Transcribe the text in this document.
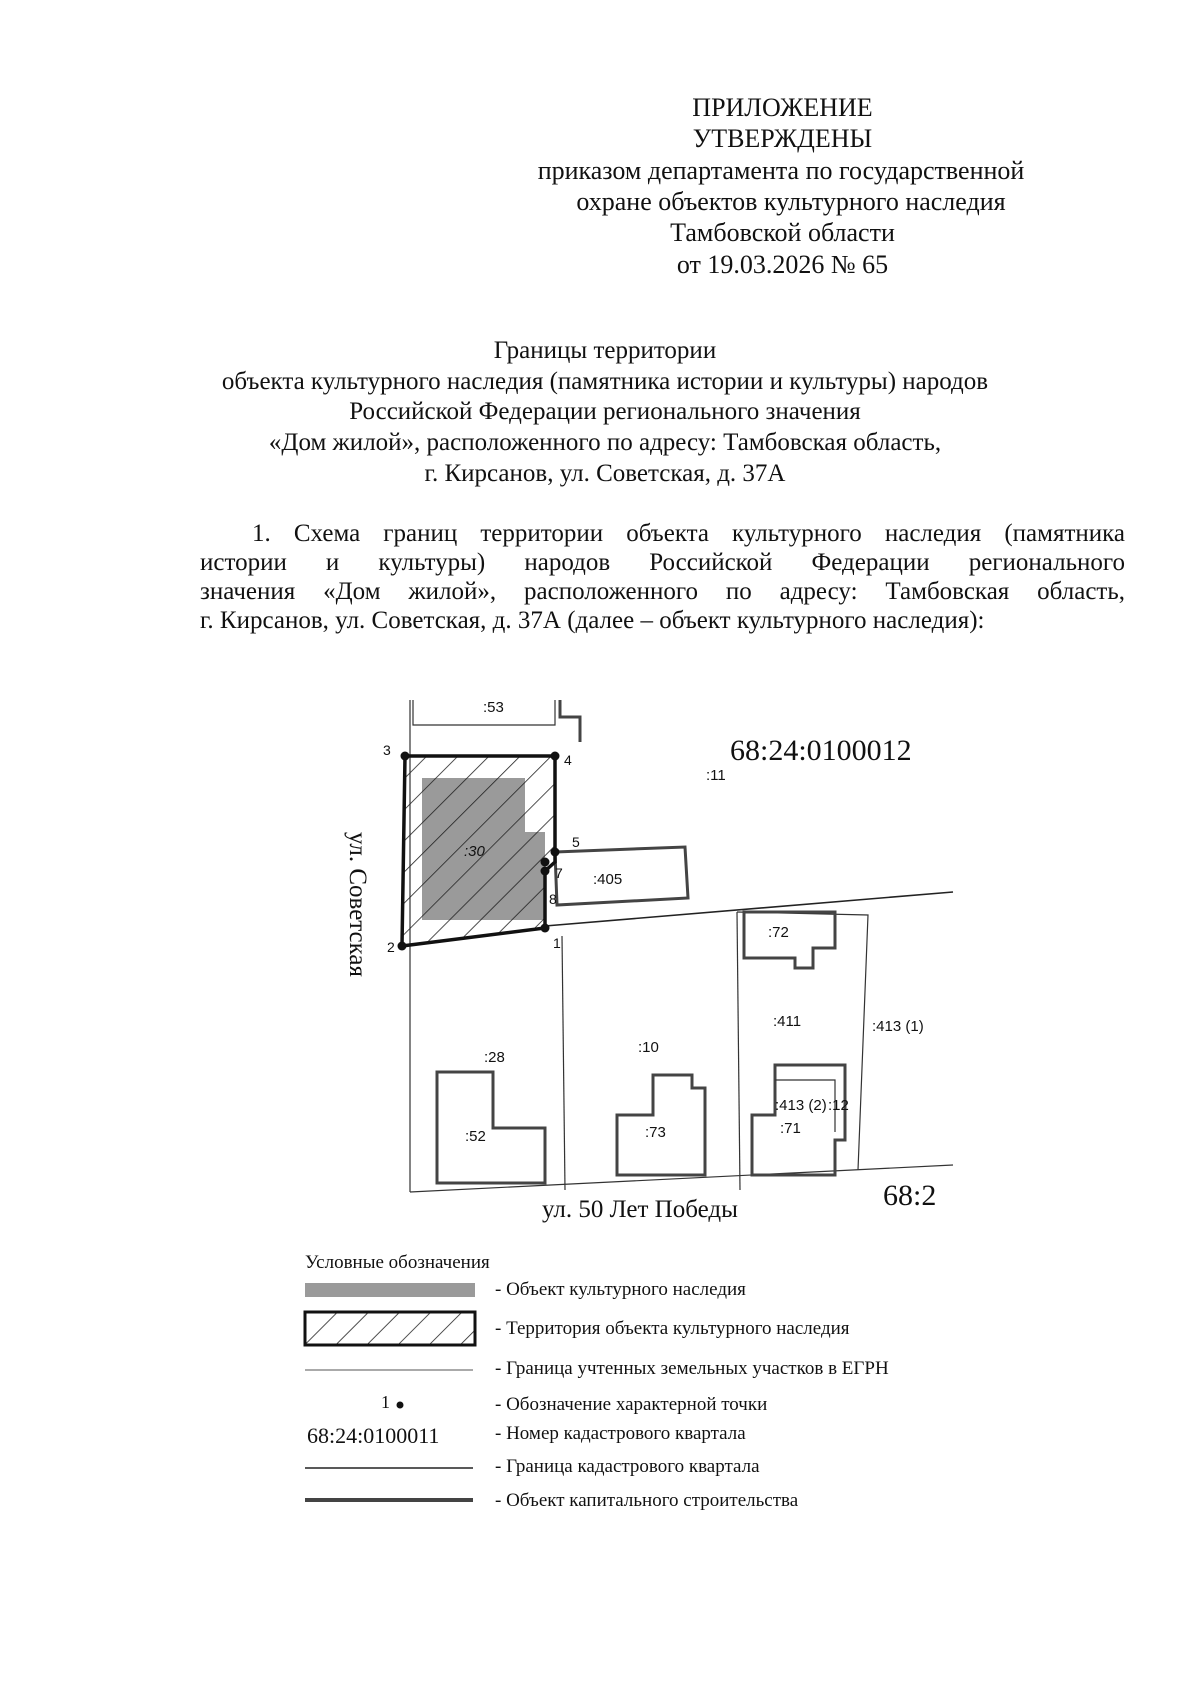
ПРИЛОЖЕНИЕ
УТВЕРЖДЕНЫ
приказом департамента по государственной
охране объектов культурного наследия
Тамбовской области
от 19.03.2026 № 65
Границы территории
объекта культурного наследия (памятника истории и культуры) народов
Российской Федерации регионального значения
«Дом жилой», расположенного по адресу: Тамбовская область,
г. Кирсанов, ул. Советская, д. 37А
1. Схема границ территории объекта культурного наследия (памятника
истории и культуры) народов Российской Федерации регионального
значения «Дом жилой», расположенного по адресу: Тамбовская область,
г. Кирсанов, ул. Советская, д. 37А (далее – объект культурного наследия):
3
4
5
7
8
1
2
:53
:11
:30
:405
:72
:411	:413 (1)
:28
:10
:413 (2) :12
:71
:52	:73
68:24:0100012
68:2
ул. Советская
ул. 50 Лет Победы
1
68:24:0100011
Условные обозначения
- Объект культурного наследия
- Территория объекта культурного наследия
- Граница учтенных земельных участков в ЕГРН
- Обозначение характерной точки
- Номер кадастрового квартала
- Граница кадастрового квартала
- Объект капитального строительства
